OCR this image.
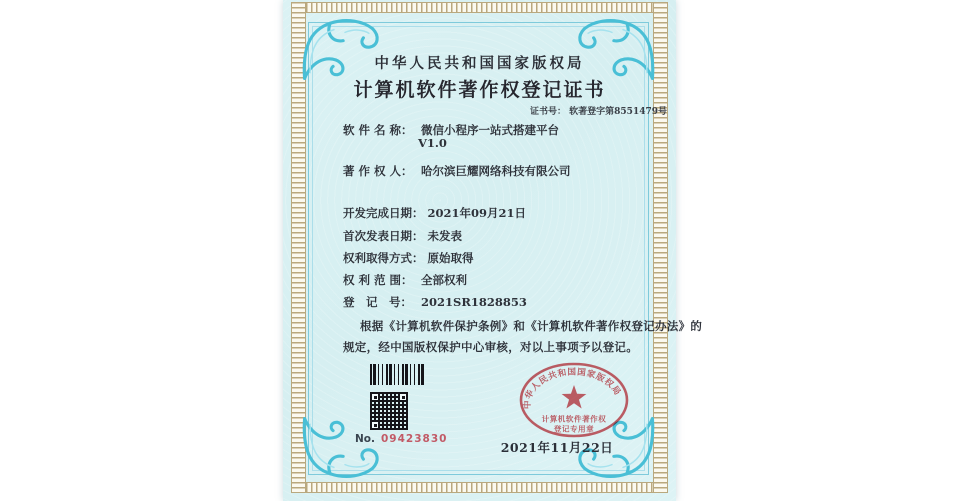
中华人民共和国国家版权局
计算机软件著作权登记证书
证书号： 软著登字第8551479号
软 件 名 称： 微信小程序一站式搭建平台
V1.0
著 作 权 人： 哈尔滨巨耀网络科技有限公司
开发完成日期： 2021年09月21日
首次发表日期： 未发表
权利取得方式： 原始取得
权 利 范 围： 全部权利
登　记　号： 2021SR1828853
根据《计算机软件保护条例》和《计算机软件著作权登记办法》的
规定，经中国版权保护中心审核，对以上事项予以登记。
No. 09423830
中华人民共和国国家版权局
计算机软件著作权
登记专用章
2021年11月22日
